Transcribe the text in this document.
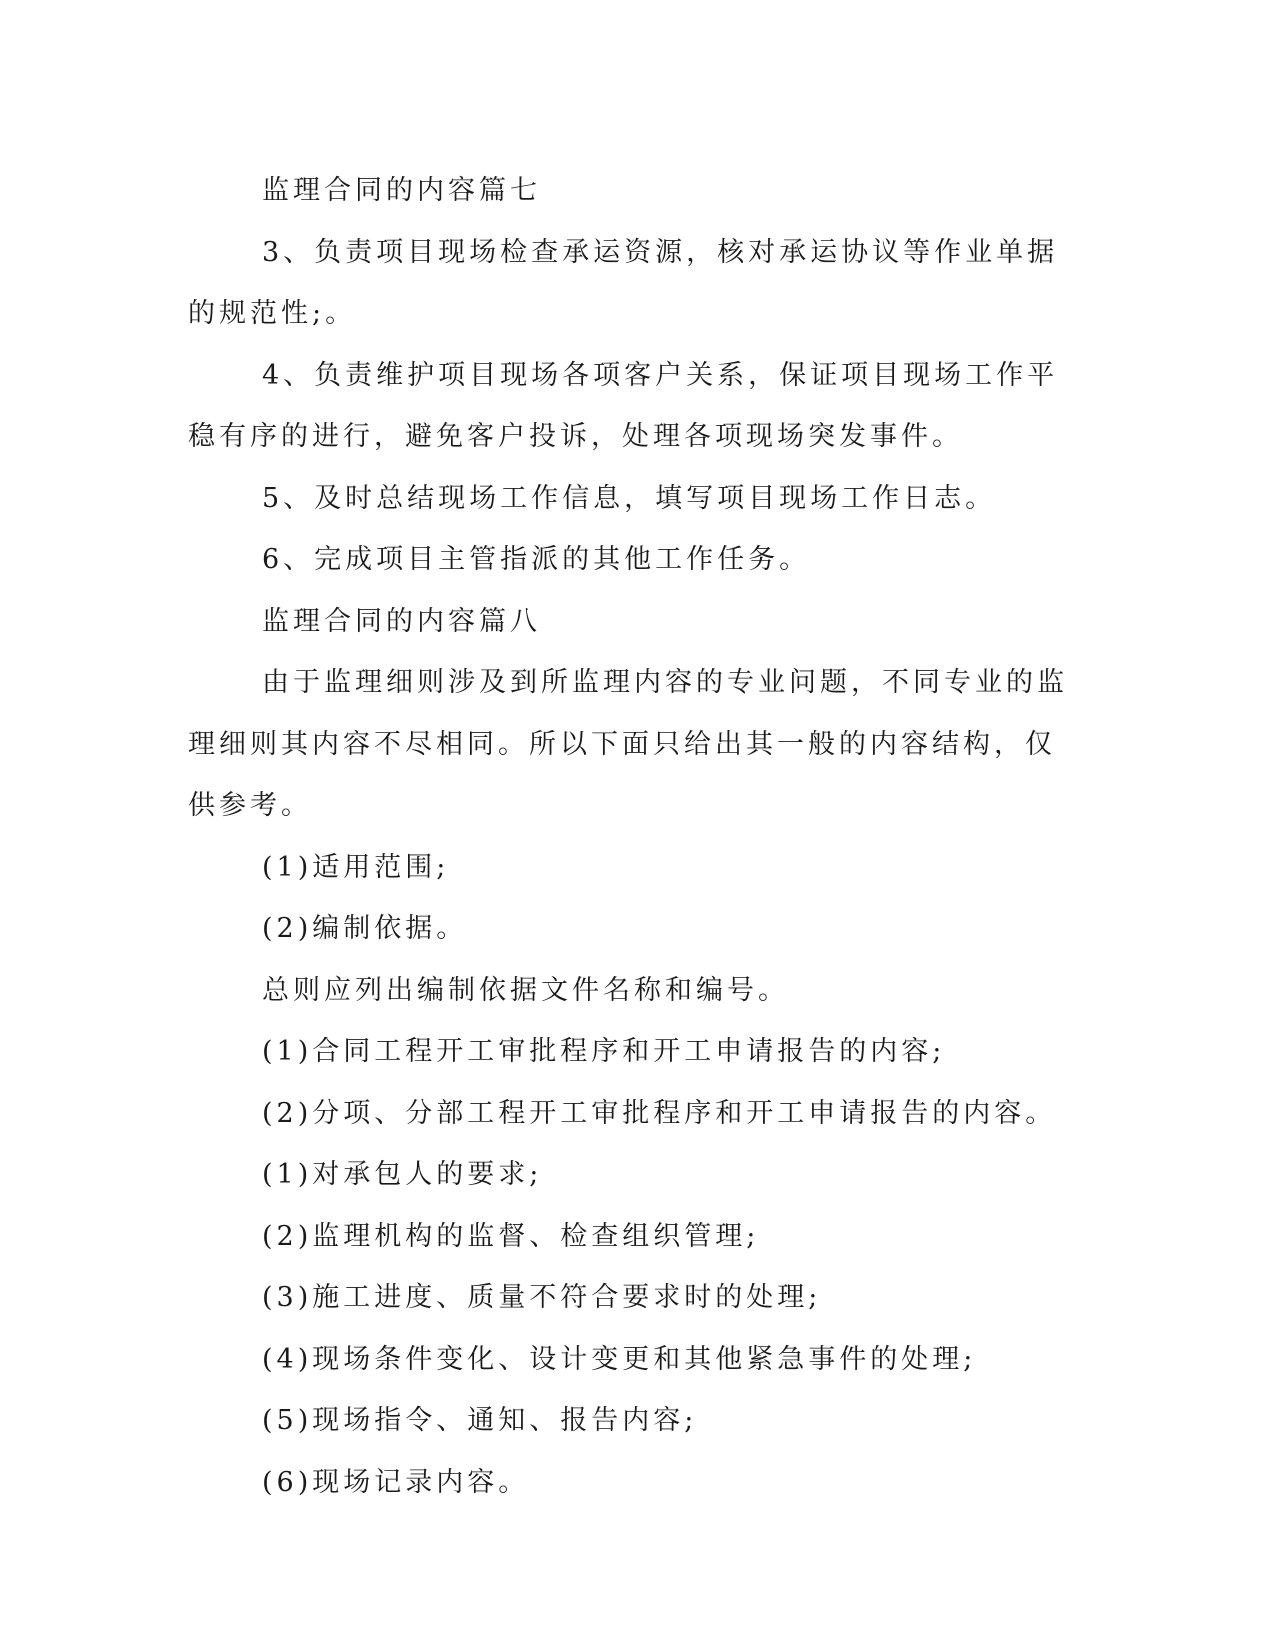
监理合同的内容篇七

3、负责项目现场检查承运资源，核对承运协议等作业单据的规范性;。

4、负责维护项目现场各项客户关系，保证项目现场工作平稳有序的进行，避免客户投诉，处理各项现场突发事件。

5、及时总结现场工作信息，填写项目现场工作日志。

6、完成项目主管指派的其他工作任务。

监理合同的内容篇八

由于监理细则涉及到所监理内容的专业问题，不同专业的监理细则其内容不尽相同。所以下面只给出其一般的内容结构，仅供参考。

(1)适用范围;

(2)编制依据。

总则应列出编制依据文件名称和编号。

(1)合同工程开工审批程序和开工申请报告的内容;

(2)分项、分部工程开工审批程序和开工申请报告的内容。

(1)对承包人的要求;

(2)监理机构的监督、检查组织管理;

(3)施工进度、质量不符合要求时的处理;

(4)现场条件变化、设计变更和其他紧急事件的处理;

(5)现场指令、通知、报告内容;

(6)现场记录内容。
